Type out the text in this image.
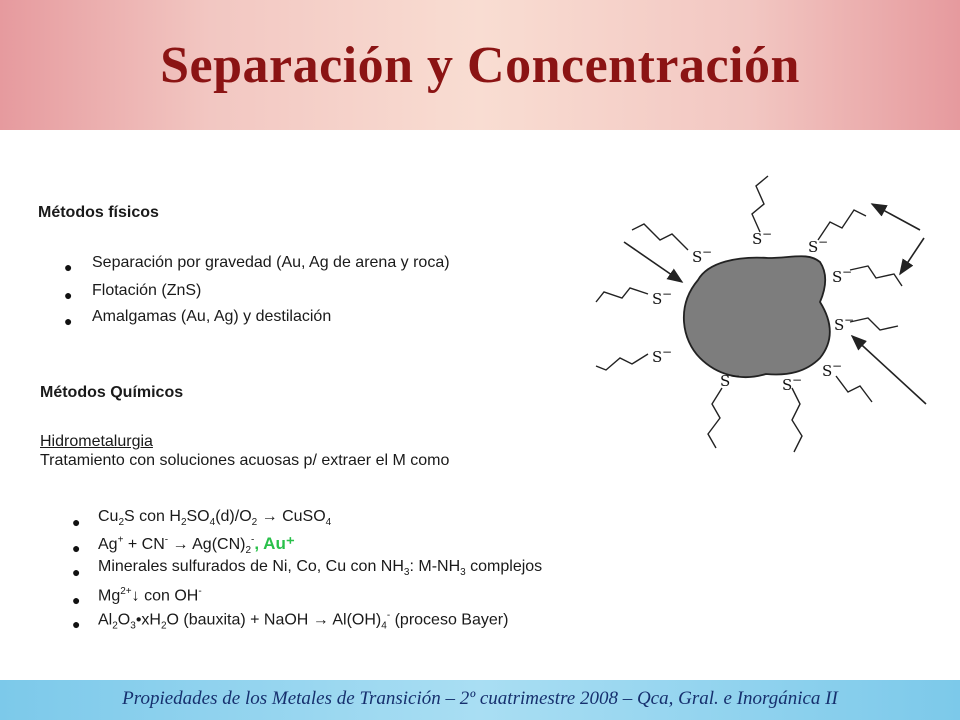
Separación y Concentración
Métodos físicos
● Separación por gravedad (Au, Ag de arena y roca)
● Flotación (ZnS)
● Amalgamas (Au, Ag) y destilación
Métodos Químicos
Hidrometalurgia
Tratamiento con soluciones acuosas p/ extraer el M como
● $Cu_2S$ con $H_2SO_4(d)/O_2$ → CuSO$_4$
● $Ag^+ + CN^- \to Ag(CN)_2^-$, Au⁺
● Minerales sulfurados de Ni, Co, Cu con $NH_3$: $M-NH_3$ complejos
● $Mg^{2+}↓$ con OH-
● $Al_2O_3•xH_2O$ (bauxita) + NaOH → $Al(OH)_4^-$ (proceso Bayer)
S −
S −	S −
S −
S −
S −
S −
S −
S −	S −
Propiedades de los Metales de Transición – 2º cuatrimestre 2008 – Qca, Gral. e Inorgánica II
